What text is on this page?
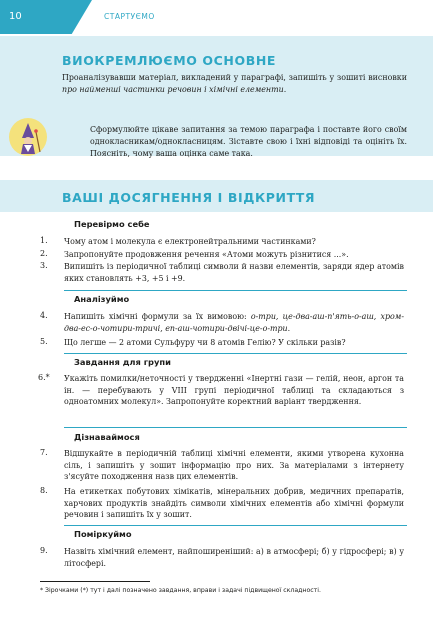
10	СТАРТУЄМО
ВИОКРЕМЛЮЄМО ОСНОВНЕ
Проаналізувавши матеріал, викладений у параграфі, запишіть у зошиті висновки про найменші частинки речовин і хімічні елементи.
Сформулюйте цікаве запитання за темою параграфа і поставте його своїм однокласникам/однокласницям. Зіставте свою і їхні відповіді та оцініть їх. Поясніть, чому ваша оцінка саме така.
ВАШІ ДОСЯГНЕННЯ І ВІДКРИТТЯ
Перевірмо себе
1. Чому атом і молекула є електронейтральними частинками?
2. Запропонуйте продовження речення «Атоми можуть різнитися ...».
3. Випишіть із періодичної таблиці символи й назви елементів, заряди ядер атомів яких становлять +3, +5 і +9.
Аналізуймо
4. Напишіть хімічні формули за їх вимовою: о-три, це-два-аш-п'ять-о-аш, хром-два-ес-о-чотири-тричі, еп-аш-чотири-двічі-це-о-три.
5. Що легше — 2 атоми Сульфуру чи 8 атомів Гелію? У скільки разів?
Завдання для групи
6.* Укажіть помилки/неточності у твердженні «Інертні гази — гелій, неон, аргон та ін. — перебувають у VIII групі періодичної таблиці та складаються з одноатомних молекул». Запропонуйте коректний варіант твердження.
Дізнаваймося
7. Відшукайте в періодичній таблиці хімічні елементи, якими утворена кухонна сіль, і запишіть у зошит інформацію про них. За матеріалами з інтернету з'ясуйте походження назв цих елементів.
8. На етикетках побутових хімікатів, мінеральних добрив, медичних препаратів, харчових продуктів знайдіть символи хімічних елементів або хімічні формули речовин і запишіть їх у зошит.
Поміркуймо
9. Назвіть хімічний елемент, найпоширеніший: а) в атмосфері; б) у гідросфері; в) у літосфері.
* Зірочками (*) тут і далі позначено завдання, вправи і задачі підвищеної складності.
